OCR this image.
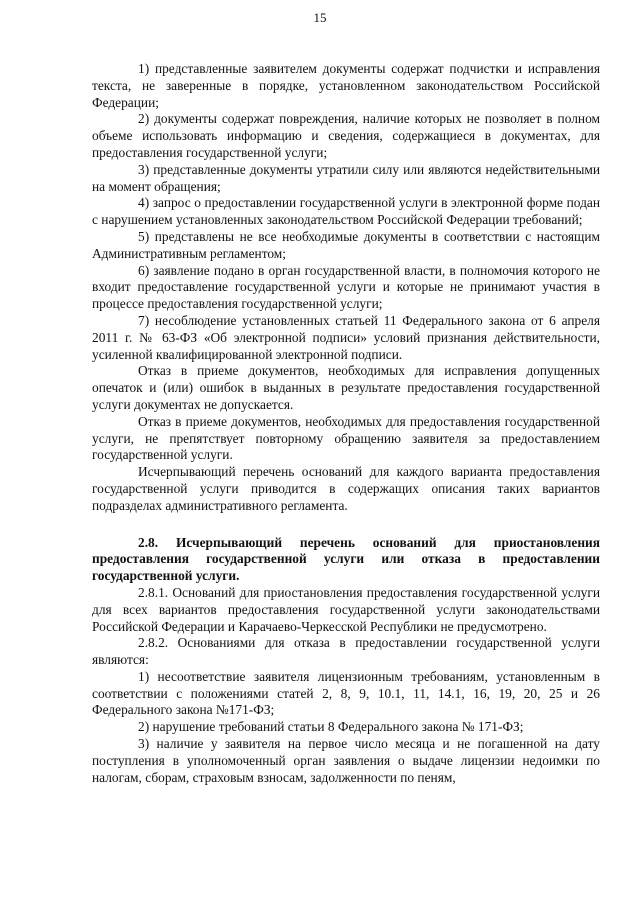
15

1) представленные заявителем документы содержат подчистки и исправления текста, не заверенные в порядке, установленном законодательством Российской Федерации;

2) документы содержат повреждения, наличие которых не позволяет в полном объеме использовать информацию и сведения, содержащиеся в документах, для предоставления государственной услуги;

3) представленные документы утратили силу или являются недействительными на момент обращения;

4) запрос о предоставлении государственной услуги в электронной форме подан с нарушением установленных законодательством Российской Федерации требований;

5) представлены не все необходимые документы в соответствии с настоящим Административным регламентом;

6) заявление подано в орган государственной власти, в полномочия которого не входит предоставление государственной услуги и которые не принимают участия в процессе предоставления государственной услуги;

7) несоблюдение установленных статьей 11 Федерального закона от 6 апреля 2011 г. № 63-ФЗ «Об электронной подписи» условий признания действительности, усиленной квалифицированной электронной подписи.

Отказ в приеме документов, необходимых для исправления допущенных опечаток и (или) ошибок в выданных в результате предоставления государственной услуги документах не допускается.

Отказ в приеме документов, необходимых для предоставления государственной услуги, не препятствует повторному обращению заявителя за предоставлением государственной услуги.

Исчерпывающий перечень оснований для каждого варианта предоставления государственной услуги приводится в содержащих описания таких вариантов подразделах административного регламента.

2.8. Исчерпывающий перечень оснований для приостановления предоставления государственной услуги или отказа в предоставлении государственной услуги.

2.8.1. Оснований для приостановления предоставления государственной услуги для всех вариантов предоставления государственной услуги законодательствами Российской Федерации и Карачаево-Черкесской Республики не предусмотрено.

2.8.2. Основаниями для отказа в предоставлении государственной услуги являются:

1) несоответствие заявителя лицензионным требованиям, установленным в соответствии с положениями статей 2, 8, 9, 10.1, 11, 14.1, 16, 19, 20, 25 и 26 Федерального закона №171-ФЗ;

2) нарушение требований статьи 8 Федерального закона № 171-ФЗ;

3) наличие у заявителя на первое число месяца и не погашенной на дату поступления в уполномоченный орган заявления о выдаче лицензии недоимки по налогам, сборам, страховым взносам, задолженности по пеням,
